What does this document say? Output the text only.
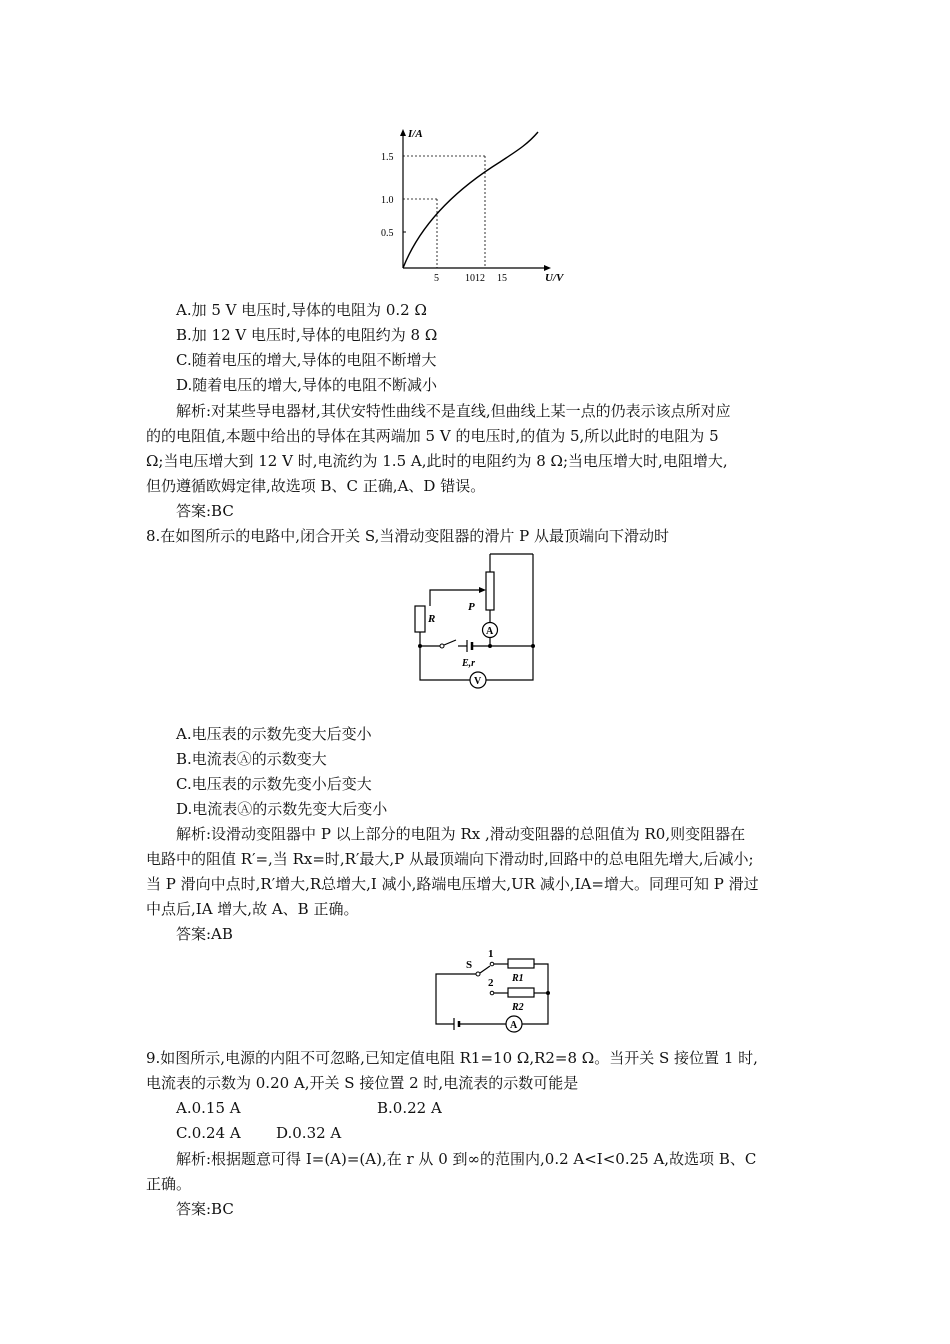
I/A
1.5
1.0
0.5
5	1012 15	U/V
A.加 5 V 电压时,导体的电阻为 0.2 Ω
B.加 12 V 电压时,导体的电阻约为 8 Ω
C.随着电压的增大,导体的电阻不断增大
D.随着电压的增大,导体的电阻不断减小
解析:对某些导电器材,其伏安特性曲线不是直线,但曲线上某一点的仍表示该点所对应
的的电阻值,本题中给出的导体在其两端加 5 V 的电压时,的值为 5,所以此时的电阻为 5
Ω;当电压增大到 12 V 时,电流约为 1.5 A,此时的电阻约为 8 Ω;当电压增大时,电阻增大,
但仍遵循欧姆定律,故选项 B、C 正确,A、D 错误。
答案:BC
8.在如图所示的电路中,闭合开关 S,当滑动变阻器的滑片 P 从最顶端向下滑动时
P
R
A
E,r
V
A.电压表的示数先变大后变小
B.电流表Ⓐ的示数变大
C.电压表的示数先变小后变大
D.电流表Ⓐ的示数先变大后变小
解析:设滑动变阻器中 P 以上部分的电阻为 Rx ,滑动变阻器的总阻值为 R0,则变阻器在
电路中的阻值 R′=,当 Rx=时,R′最大,P 从最顶端向下滑动时,回路中的总电阻先增大,后减小;
当 P 滑向中点时,R′增大,R总增大,I 减小,路端电压增大,UR 减小,IA=增大。同理可知 P 滑过
中点后,IA 增大,故 A、B 正确。
答案:AB
A
S
1
R1
2
R2
9.如图所示,电源的内阻不可忽略,已知定值电阻 R1=10 Ω,R2=8 Ω。当开关 S 接位置 1 时,
电流表的示数为 0.20 A,开关 S 接位置 2 时,电流表的示数可能是
A.0.15 A	B.0.22 A
C.0.24 A D.0.32 A
解析:根据题意可得 I=(A)=(A),在 r 从 0 到∞的范围内,0.2 A<I<0.25 A,故选项 B、C
正确。
答案:BC
